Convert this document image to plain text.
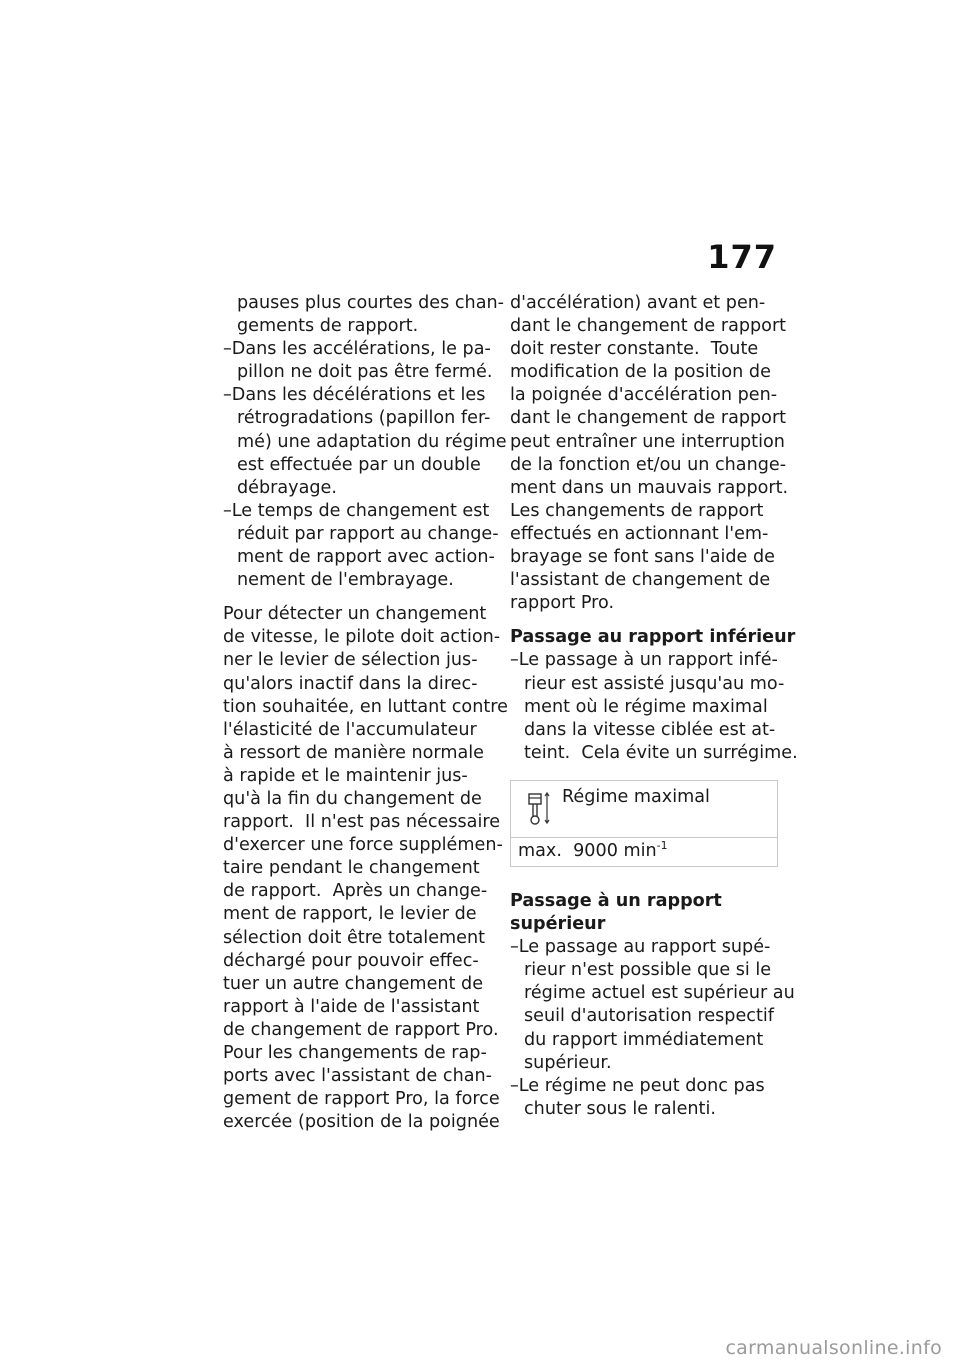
177
pauses plus courtes des chan-
gements de rapport.
–Dans les accélérations, le pa-
pillon ne doit pas être fermé.
–Dans les décélérations et les
rétrogradations (papillon fer-
mé) une adaptation du régime
est effectuée par un double
débrayage.
–Le temps de changement est
réduit par rapport au change-
ment de rapport avec action-
nement de l'embrayage.
Pour détecter un changement
de vitesse, le pilote doit action-
ner le levier de sélection jus-
qu'alors inactif dans la direc-
tion souhaitée, en luttant contre
l'élasticité de l'accumulateur
à ressort de manière normale
à rapide et le maintenir jus-
qu'à la fin du changement de
rapport.  Il n'est pas nécessaire
d'exercer une force supplémen-
taire pendant le changement
de rapport.  Après un change-
ment de rapport, le levier de
sélection doit être totalement
déchargé pour pouvoir effec-
tuer un autre changement de
rapport à l'aide de l'assistant
de changement de rapport Pro.
Pour les changements de rap-
ports avec l'assistant de chan-
gement de rapport Pro, la force
exercée (position de la poignée
d'accélération) avant et pen-
dant le changement de rapport
doit rester constante.  Toute
modification de la position de
la poignée d'accélération pen-
dant le changement de rapport
peut entraîner une interruption
de la fonction et/ou un change-
ment dans un mauvais rapport.
Les changements de rapport
effectués en actionnant l'em-
brayage se font sans l'aide de
l'assistant de changement de
rapport Pro.
Passage au rapport inférieur
–Le passage à un rapport infé-
rieur est assisté jusqu'au mo-
ment où le régime maximal
dans la vitesse ciblée est at-
teint.  Cela évite un surrégime.
Régime maximal
max.  9000 $\min^{-1}$
Passage à un rapport
supérieur
–Le passage au rapport supé-
rieur n'est possible que si le
régime actuel est supérieur au
seuil d'autorisation respectif
du rapport immédiatement
supérieur.
–Le régime ne peut donc pas
chuter sous le ralenti.
carmanualsonline.info
